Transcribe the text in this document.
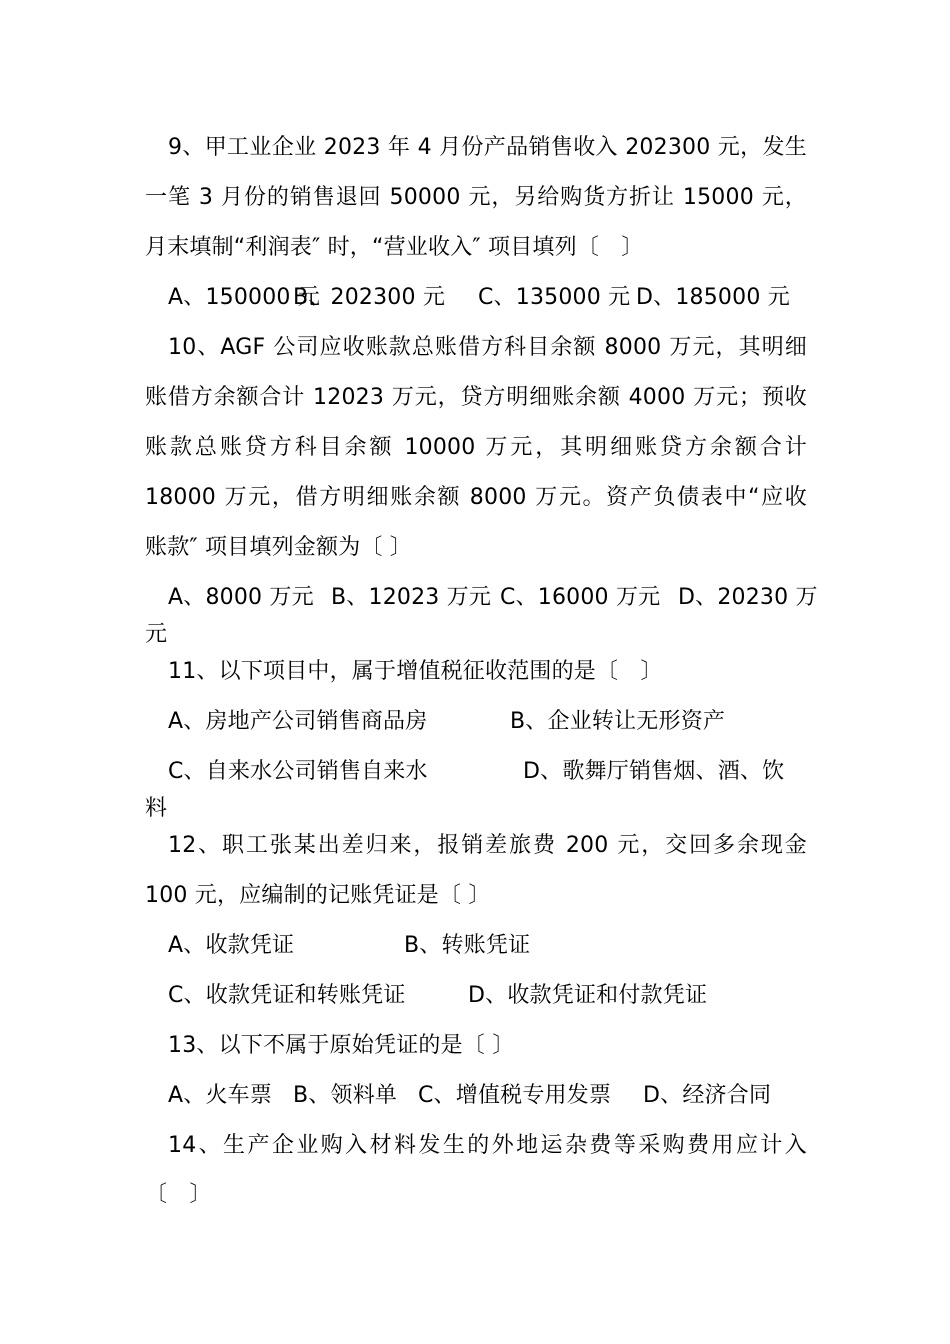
9、甲工业企业 2023 年 4 月份产品销售收入 202300 元，发生
一笔 3 月份的销售退回 50000 元，另给购货方折让 15000 元，
月末填制“利润表″ 时，“营业收入″ 项目填列〔　〕
A、150000 元
B、202300 元 C、135000 元 D、185000 元
10、AGF 公司应收账款总账借方科目余额 8000 万元，其明细
账借方余额合计 12023 万元，贷方明细账余额 4000 万元；预收
账款总账贷方科目余额 10000 万元，其明细账贷方余额合计
18000 万元，借方明细账余额 8000 万元。资产负债表中“应收
账款″ 项目填列金额为〔 〕
A、8000 万元 B、12023 万元 C、16000 万元 D、20230 万
元
11、以下项目中，属于增值税征收范围的是〔　〕
A、房地产公司销售商品房	B、企业转让无形资产
C、自来水公司销售自来水	D、歌舞厅销售烟、酒、饮
料
12、职工张某出差归来，报销差旅费 200 元，交回多余现金
100 元，应编制的记账凭证是〔 〕
A、收款凭证	B、转账凭证
C、收款凭证和转账凭证	D、收款凭证和付款凭证
13、以下不属于原始凭证的是〔 〕
A、火车票 B、领料单 C、增值税专用发票 D、经济合同
14、生产企业购入材料发生的外地运杂费等采购费用应计入
〔　〕
